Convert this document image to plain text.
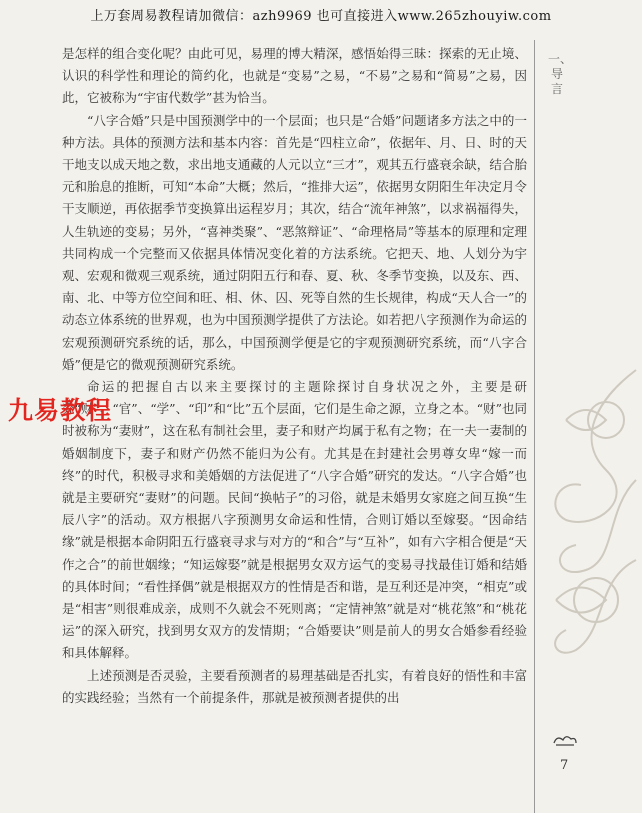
上万套周易教程请加微信：azh9969 也可直接进入www.265zhouyiw.com
一、导言
7

是怎样的组合变化呢？由此可见，易理的博大精深，感悟始得三昧：探索的无止境、认识的科学性和理论的简约化，也就是“变易”之易，“不易”之易和“简易”之易，因此，它被称为“宇宙代数学”甚为恰当。

“八字合婚”只是中国预测学中的一个层面；也只是“合婚”问题诸多方法之中的一种方法。具体的预测方法和基本内容：首先是“四柱立命”，依据年、月、日、时的天干地支以成天地之数，求出地支通藏的人元以立“三才”，观其五行盛衰余缺，结合胎元和胎息的推断，可知“本命”大概；然后，“推排大运”，依据男女阴阳生年决定月令干支顺逆，再依据季节变换算出运程岁月；其次，结合“流年神煞”，以求祸福得失，人生轨迹的变易；另外，“喜神类聚”、“恶煞辩证”、“命理格局”等基本的原理和定理共同构成一个完整而又依据具体情况变化着的方法系统。它把天、地、人划分为宇观、宏观和微观三观系统，通过阴阳五行和春、夏、秋、冬季节变换，以及东、西、南、北、中等方位空间和旺、相、休、囚、死等自然的生长规律，构成“天人合一”的动态立体系统的世界观，也为中国预测学提供了方法论。如若把八字预测作为命运的宏观预测研究系统的话，那么，中国预测学便是它的宇观预测研究系统，而“八字合婚”便是它的微观预测研究系统。

命运的把握自古以来主要探讨的主题除探讨自身状况之外，主要是研究“财”、“官”、“学”、“印”和“比”五个层面，它们是生命之源，立身之本。“财”也同时被称为“妻财”，这在私有制社会里，妻子和财产均属于私有之物；在一夫一妻制的婚姻制度下，妻子和财产仍然不能归为公有。尤其是在封建社会男尊女卑“嫁一而终”的时代，积极寻求和美婚姻的方法促进了“八字合婚”研究的发达。“八字合婚”也就是主要研究“妻财”的问题。民间“换帖子”的习俗，就是未婚男女家庭之间互换“生辰八字”的活动。双方根据八字预测男女命运和性情，合则订婚以至嫁娶。“因命结缘”就是根据本命阴阳五行盛衰寻求与对方的“和合”与“互补”，如有六字相合便是“天作之合”的前世姻缘；“知运嫁娶”就是根据男女双方运气的变易寻找最佳订婚和结婚的具体时间；“看性择偶”就是根据双方的性情是否和谐，是互利还是冲突，“相克”或是“相害”则很难成亲，成则不久就会不死则离；“定情神煞”就是对“桃花煞”和“桃花运”的深入研究，找到男女双方的发情期；“合婚要诀”则是前人的男女合婚参看经验和具体解释。

上述预测是否灵验，主要看预测者的易理基础是否扎实，有着良好的悟性和丰富的实践经验；当然有一个前提条件，那就是被预测者提供的出

九易教程
